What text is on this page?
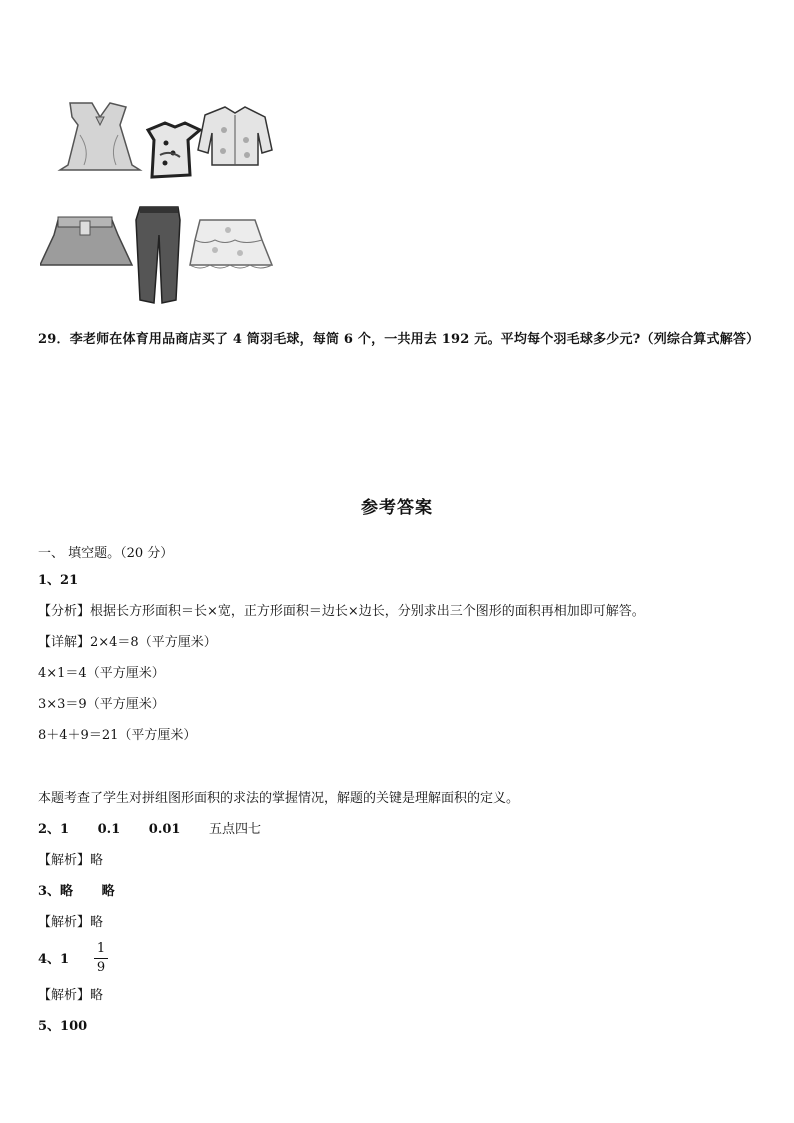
29．李老师在体育用品商店买了 4 筒羽毛球，每筒 6 个，一共用去 192 元。平均每个羽毛球多少元?（列综合算式解答）
参考答案
一、 填空题。（20 分）
1、21
【分析】根据长方形面积＝长×宽，正方形面积＝边长×边长，分别求出三个图形的面积再相加即可解答。
【详解】2×4＝8（平方厘米）
4×1＝4（平方厘米）
3×3＝9（平方厘米）
8＋4＋9＝21（平方厘米）
本题考查了学生对拼组图形面积的求法的掌握情况，解题的关键是理解面积的定义。
2、1 0.1 0.01 五点四七
【解析】略
3、略 略
【解析】略
4、1
1
9
【解析】略
5、100
